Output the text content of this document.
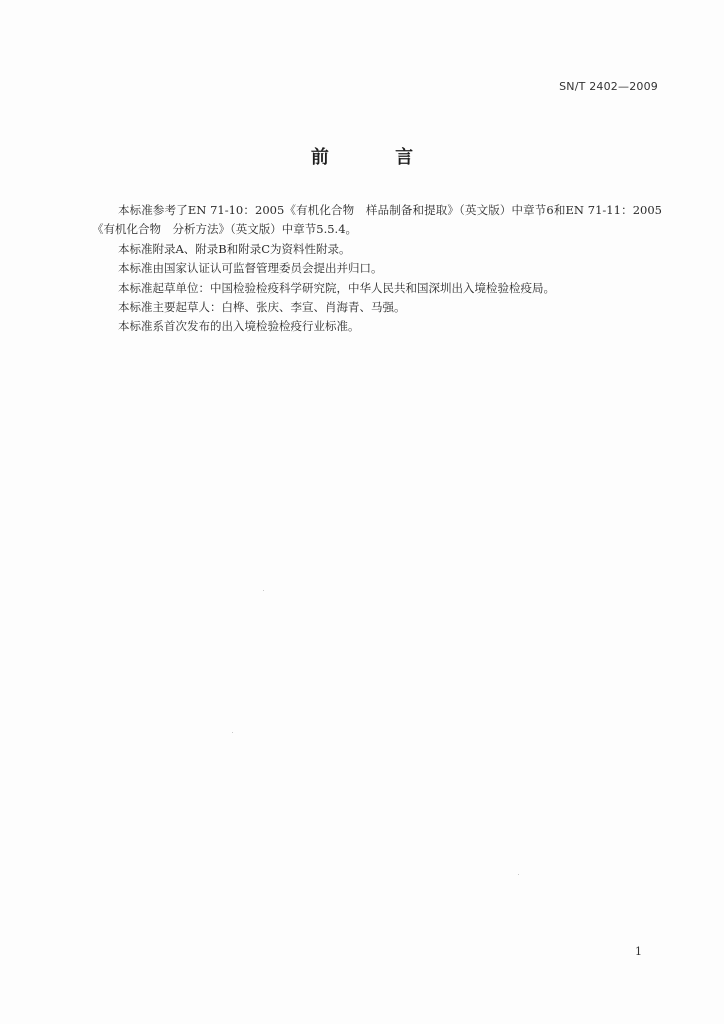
SN/T 2402—2009
前 言

本标准参考了EN 71-10：2005《有机化合物　样品制备和提取》（英文版）中章节6和EN 71-11：2005《有机化合物　分析方法》（英文版）中章节5.5.4。

本标准附录A、附录B和附录C为资料性附录。

本标准由国家认证认可监督管理委员会提出并归口。

本标准起草单位：中国检验检疫科学研究院，中华人民共和国深圳出入境检验检疫局。

本标准主要起草人：白桦、张庆、李宣、肖海青、马强。

本标准系首次发布的出入境检验检疫行业标准。

1
